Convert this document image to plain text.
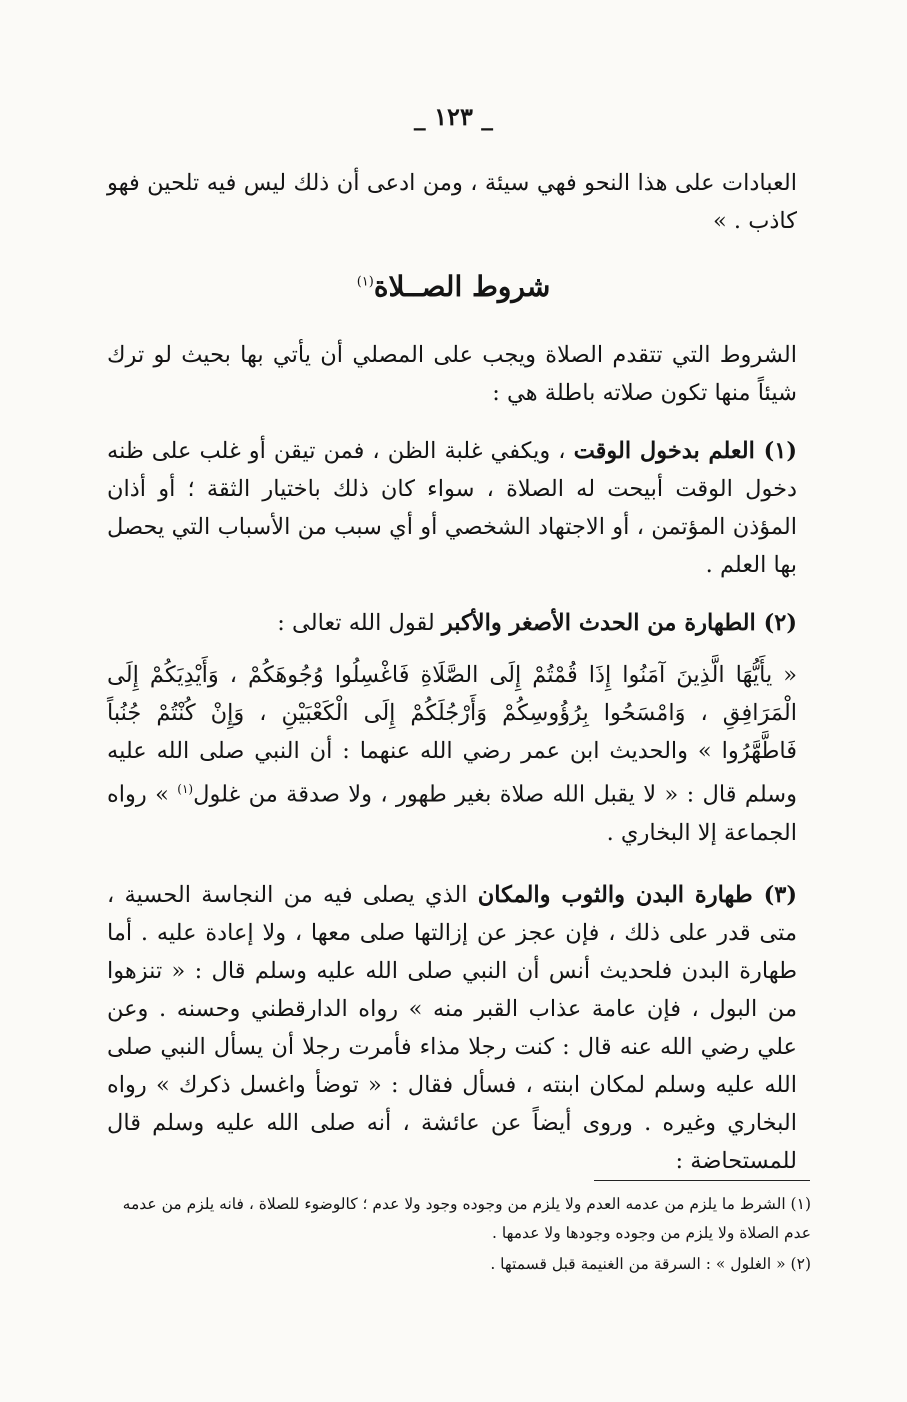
_ ١٢٣ _

العبادات على هذا النحو فهي سيئة ، ومن ادعى أن ذلك ليس فيه تلحين فهو كاذب . »

شروط الصــلاة$^{(١)}$

الشروط التي تتقدم الصلاة ويجب على المصلي أن يأتي بها بحيث لو ترك شيئاً منها تكون صلاته باطلة هي :

(١) العلم بدخول الوقت ، ويكفي غلبة الظن ، فمن تيقن أو غلب على ظنه دخول الوقت أبيحت له الصلاة ، سواء كان ذلك باختيار الثقة ؛ أو أذان المؤذن المؤتمن ، أو الاجتهاد الشخصي أو أي سبب من الأسباب التي يحصل بها العلم .

(٢) الطهارة من الحدث الأصغر والأكبر لقول الله تعالى :

« يأَيُّهَا الَّذِينَ آمَنُوا إِذَا قُمْتُمْ إِلَى الصَّلَاةِ فَاغْسِلُوا وُجُوهَكُمْ ، وَأَيْدِيَكُمْ إِلَى الْمَرَافِقِ ، وَامْسَحُوا بِرُؤُوسِكُمْ وَأَرْجُلَكُمْ إِلَى الْكَعْبَيْنِ ، وَإِنْ كُنْتُمْ جُنُباً فَاطَّهَّرُوا » والحديث ابن عمر رضي الله عنهما : أن النبي صلى الله عليه وسلم قال : « لا يقبل الله صلاة بغير طهور ، ولا صدقة من غلول$^{(١)}$ » رواه الجماعة إلا البخاري .

(٣) طهارة البدن والثوب والمكان الذي يصلى فيه من النجاسة الحسية ، متى قدر على ذلك ، فإن عجز عن إزالتها صلى معها ، ولا إعادة عليه . أما طهارة البدن فلحديث أنس أن النبي صلى الله عليه وسلم قال : « تنزهوا من البول ، فإن عامة عذاب القبر منه » رواه الدارقطني وحسنه . وعن علي رضي الله عنه قال : كنت رجلا مذاء فأمرت رجلا أن يسأل النبي صلى الله عليه وسلم لمكان ابنته ، فسأل فقال : « توضأ واغسل ذكرك » رواه البخاري وغيره . وروى أيضاً عن عائشة ، أنه صلى الله عليه وسلم قال للمستحاضة :

(١) الشرط ما يلزم من عدمه العدم ولا يلزم من وجوده وجود ولا عدم ؛ كالوضوء للصلاة ، فانه يلزم من عدمه عدم الصلاة ولا يلزم من وجوده وجودها ولا عدمها .

(٢) « الغلول » : السرقة من الغنيمة قبل قسمتها .
